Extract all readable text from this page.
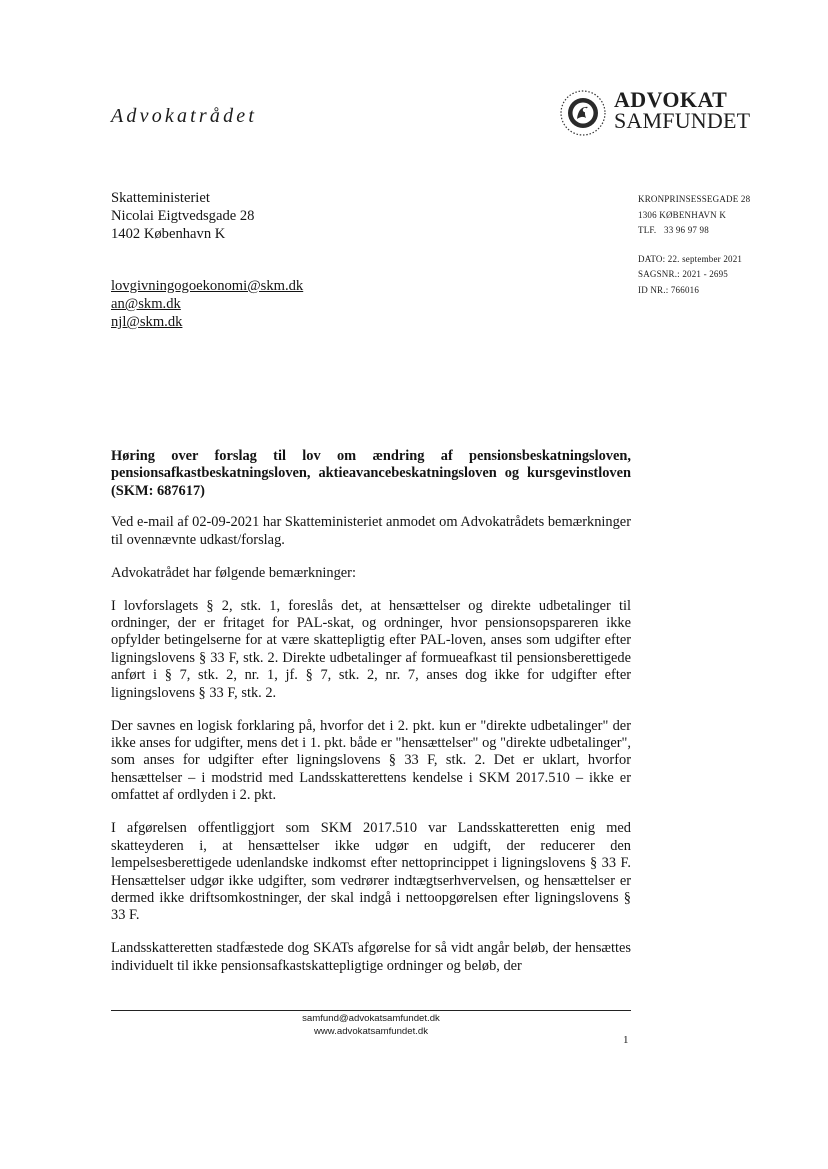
Advokatrådet
ADVOKAT
SAMFUNDET
Skatteministeriet
Nicolai Eigtvedsgade 28
1402 København K
lovgivningogoekonomi@skm.dk
an@skm.dk
njl@skm.dk
KRONPRINSESSEGADE 28
1306 KØBENHAVN K
TLF. 33 96 97 98
DATO: 22. september 2021
SAGSNR.: 2021 - 2695
ID NR.: 766016
Høring over forslag til lov om ændring af pensionsbeskatningsloven, pensionsafkastbeskatningsloven, aktieavancebeskatningsloven og kursgevinstloven (SKM: 687617)

Ved e-mail af 02-09-2021 har Skatteministeriet anmodet om Advokatrådets bemærkninger til ovennævnte udkast/forslag.

Advokatrådet har følgende bemærkninger:

I lovforslagets § 2, stk. 1, foreslås det, at hensættelser og direkte udbetalinger til ordninger, der er fritaget for PAL-skat, og ordninger, hvor pensionsopspareren ikke opfylder betingelserne for at være skattepligtig efter PAL-loven, anses som udgifter efter ligningslovens § 33 F, stk. 2. Direkte udbetalinger af formueafkast til pensionsberettigede anført i § 7, stk. 2, nr. 1, jf. § 7, stk. 2, nr. 7, anses dog ikke for udgifter efter ligningslovens § 33 F, stk. 2.

Der savnes en logisk forklaring på, hvorfor det i 2. pkt. kun er "direkte udbetalinger" der ikke anses for udgifter, mens det i 1. pkt. både er "hensættelser" og "direkte udbetalinger", som anses for udgifter efter ligningslovens § 33 F, stk. 2. Det er uklart, hvorfor hensættelser – i modstrid med Landsskatterettens kendelse i SKM 2017.510 – ikke er omfattet af ordlyden i 2. pkt.

I afgørelsen offentliggjort som SKM 2017.510 var Landsskatteretten enig med skatteyderen i, at hensættelser ikke udgør en udgift, der reducerer den lempelsesberettigede udenlandske indkomst efter nettoprincippet i ligningslovens § 33 F. Hensættelser udgør ikke udgifter, som vedrører indtægtserhvervelsen, og hensættelser er dermed ikke driftsomkostninger, der skal indgå i nettoopgørelsen efter ligningslovens § 33 F.

Landsskatteretten stadfæstede dog SKATs afgørelse for så vidt angår beløb, der hensættes individuelt til ikke pensionsafkastskattepligtige ordninger og beløb, der

samfund@advokatsamfundet.dk
www.advokatsamfundet.dk
1
